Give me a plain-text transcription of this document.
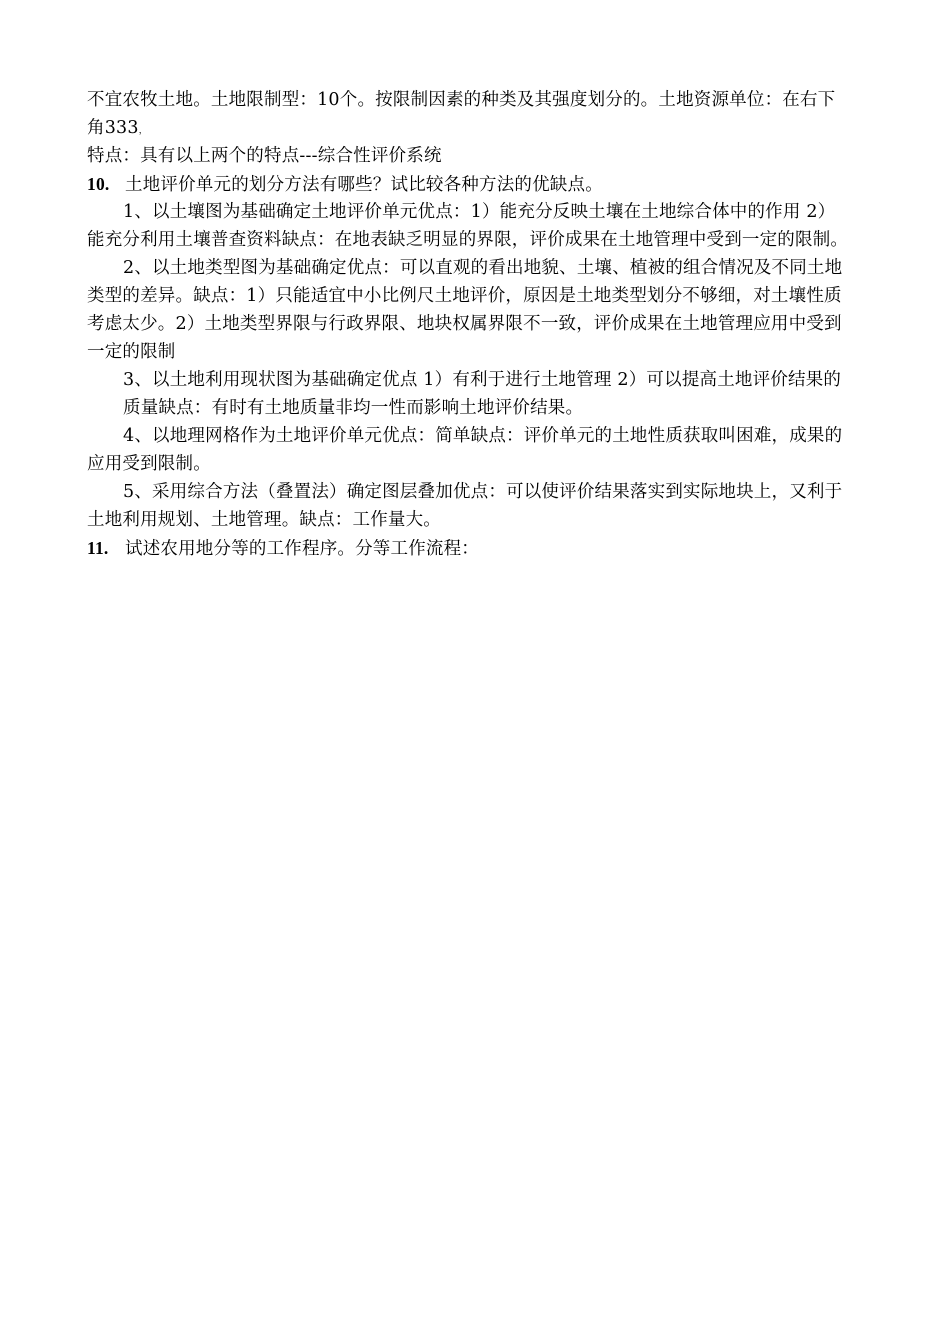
不宜农牧土地。土地限制型：10个。按限制因素的种类及其强度划分的。土地资源单位：在右下
角333，
特点：具有以上两个的特点---综合性评价系统
10. 土地评价单元的划分方法有哪些？试比较各种方法的优缺点。
1、以土壤图为基础确定土地评价单元优点：1）能充分反映土壤在土地综合体中的作用 2）
能充分利用土壤普查资料缺点：在地表缺乏明显的界限，评价成果在土地管理中受到一定的限制。
2、以土地类型图为基础确定优点：可以直观的看出地貌、土壤、植被的组合情况及不同土地
类型的差异。缺点：1）只能适宜中小比例尺土地评价，原因是土地类型划分不够细，对土壤性质
考虑太少。2）土地类型界限与行政界限、地块权属界限不一致，评价成果在土地管理应用中受到
一定的限制
3、以土地利用现状图为基础确定优点 1）有利于进行土地管理 2）可以提高土地评价结果的
质量缺点：有时有土地质量非均一性而影响土地评价结果。
4、以地理网格作为土地评价单元优点：简单缺点：评价单元的土地性质获取叫困难，成果的
应用受到限制。
5、采用综合方法（叠置法）确定图层叠加优点：可以使评价结果落实到实际地块上，又利于
土地利用规划、土地管理。缺点：工作量大。
11. 试述农用地分等的工作程序。分等工作流程：
